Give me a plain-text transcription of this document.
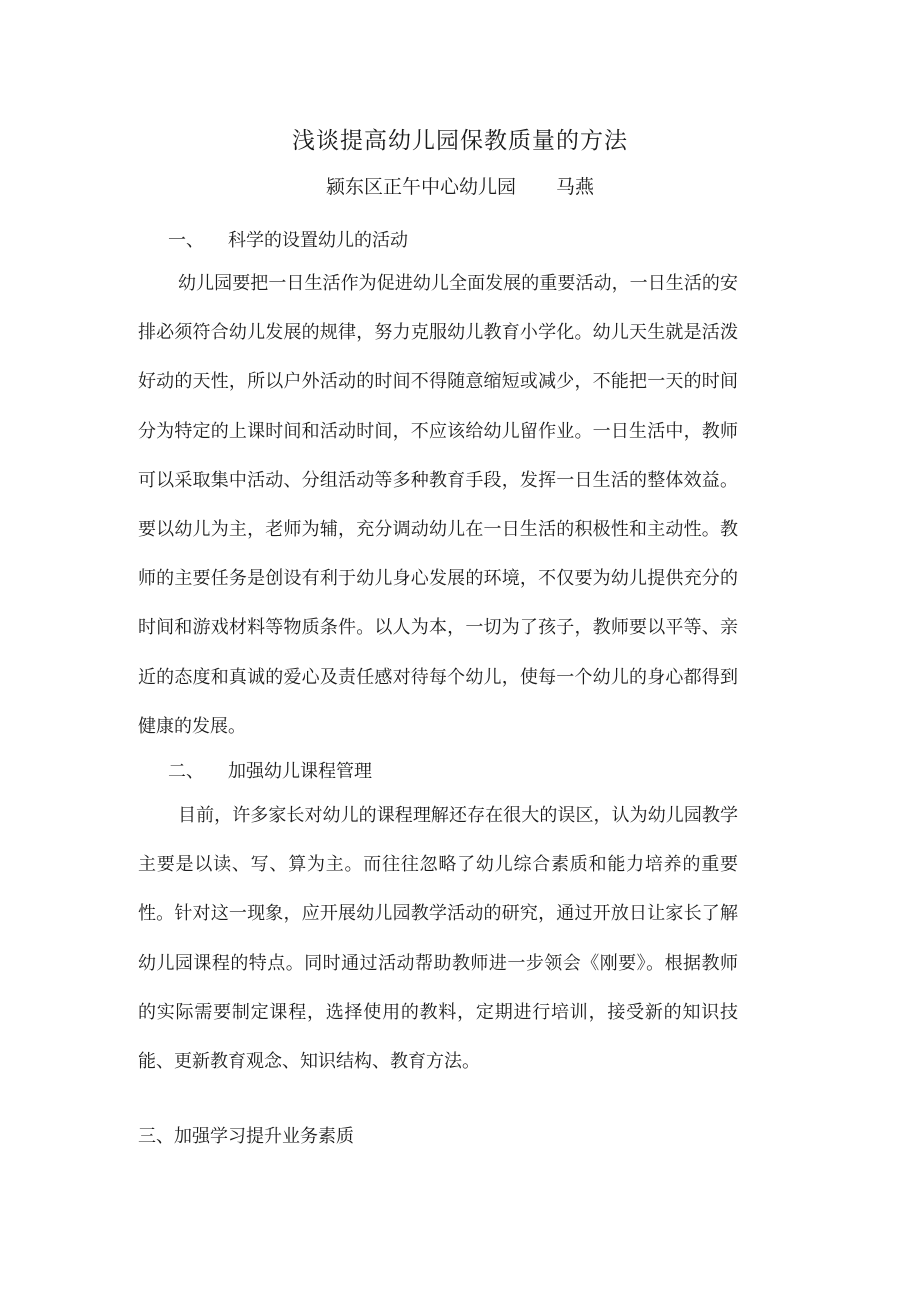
浅谈提高幼儿园保教质量的方法
颍东区正午中心幼儿园 马燕
一、 科学的设置幼儿的活动

幼儿园要把一日生活作为促进幼儿全面发展的重要活动，一日生活的安排必须符合幼儿发展的规律，努力克服幼儿教育小学化。幼儿天生就是活泼好动的天性，所以户外活动的时间不得随意缩短或减少，不能把一天的时间分为特定的上课时间和活动时间，不应该给幼儿留作业。一日生活中，教师可以采取集中活动、分组活动等多种教育手段，发挥一日生活的整体效益。要以幼儿为主，老师为辅，充分调动幼儿在一日生活的积极性和主动性。教师的主要任务是创设有利于幼儿身心发展的环境，不仅要为幼儿提供充分的时间和游戏材料等物质条件。以人为本，一切为了孩子，教师要以平等、亲近的态度和真诚的爱心及责任感对待每个幼儿，使每一个幼儿的身心都得到健康的发展。

二、 加强幼儿课程管理

目前，许多家长对幼儿的课程理解还存在很大的误区，认为幼儿园教学主要是以读、写、算为主。而往往忽略了幼儿综合素质和能力培养的重要性。针对这一现象，应开展幼儿园教学活动的研究，通过开放日让家长了解幼儿园课程的特点。同时通过活动帮助教师进一步领会《刚要》。根据教师的实际需要制定课程，选择使用的教料，定期进行培训，接受新的知识技能、更新教育观念、知识结构、教育方法。

三、加强学习提升业务素质
